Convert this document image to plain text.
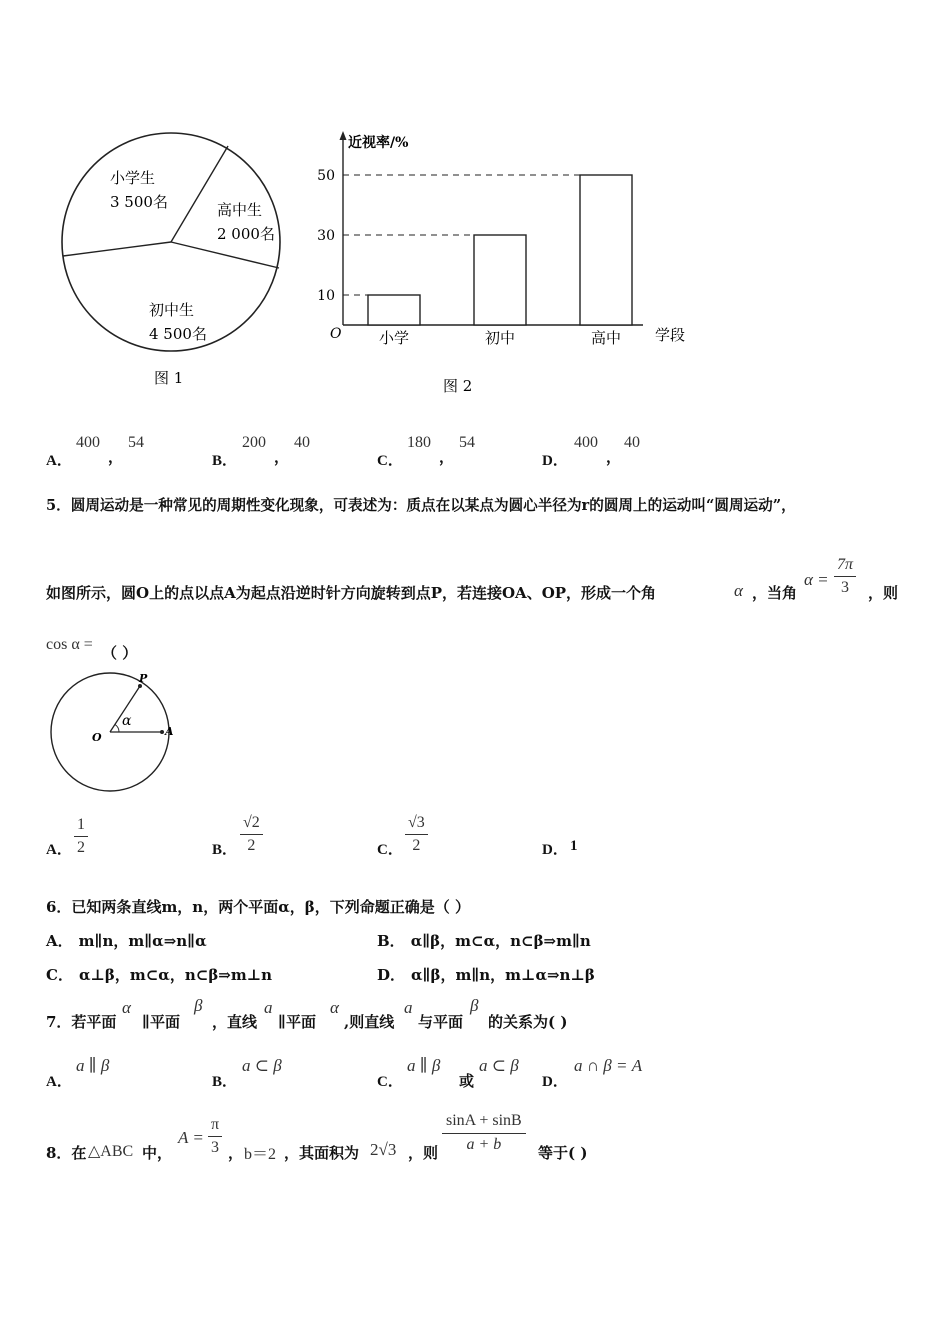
小学生
3 500名	高中生
2 000名
初中生
4 500名
图 1
近视率/%
学段
O	小学
10
初中
30
高中
50
图 2
A．
400
，
54
B．
200
，
40
C．
180
，
54
D．
400
，
40
5．圆周运动是一种常见的周期性变化现象，可表述为：质点在以某点为圆心半径为r的圆周上的运动叫“圆周运动”，
如图所示，圆O上的点以点A为起点沿逆时针方向旋转到点P，若连接OA、OP，形成一个角	α ，当角
$\alpha = \frac{7\pi}{3}$ ，则
cos α = （ ）
P
O	A
α
A． $\frac{1}{2}$	B． $\frac{√2}{2}$	C． $\frac{√3}{2}$	D． 1
6．已知两条直线m，n，两个平面α，β，下列命题正确是（ ）
A． m∥n，m∥α⇒n∥α	B． α∥β，m⊂α，n⊂β⇒m∥n
C． α⊥β，m⊂α，n⊂β⇒m⊥n	D． α∥β，m∥n，m⊥α⇒n⊥β
7．若平面
α
∥平面
β
，直线
a
∥平面
α
,则直线
a
与平面
β
的关系为( )
A．
a ∥ β
B．
a ⊂ β
C．
a ∥ β
或
a ⊂ β
D．
a ∩ β = A
8．在 △ABC 中，
$A = \frac{\pi}{3}$ ， b＝2 ，其面积为 2√3 ，则 $\frac{\sin A + \sin B}{a + b}$ 等于( )
